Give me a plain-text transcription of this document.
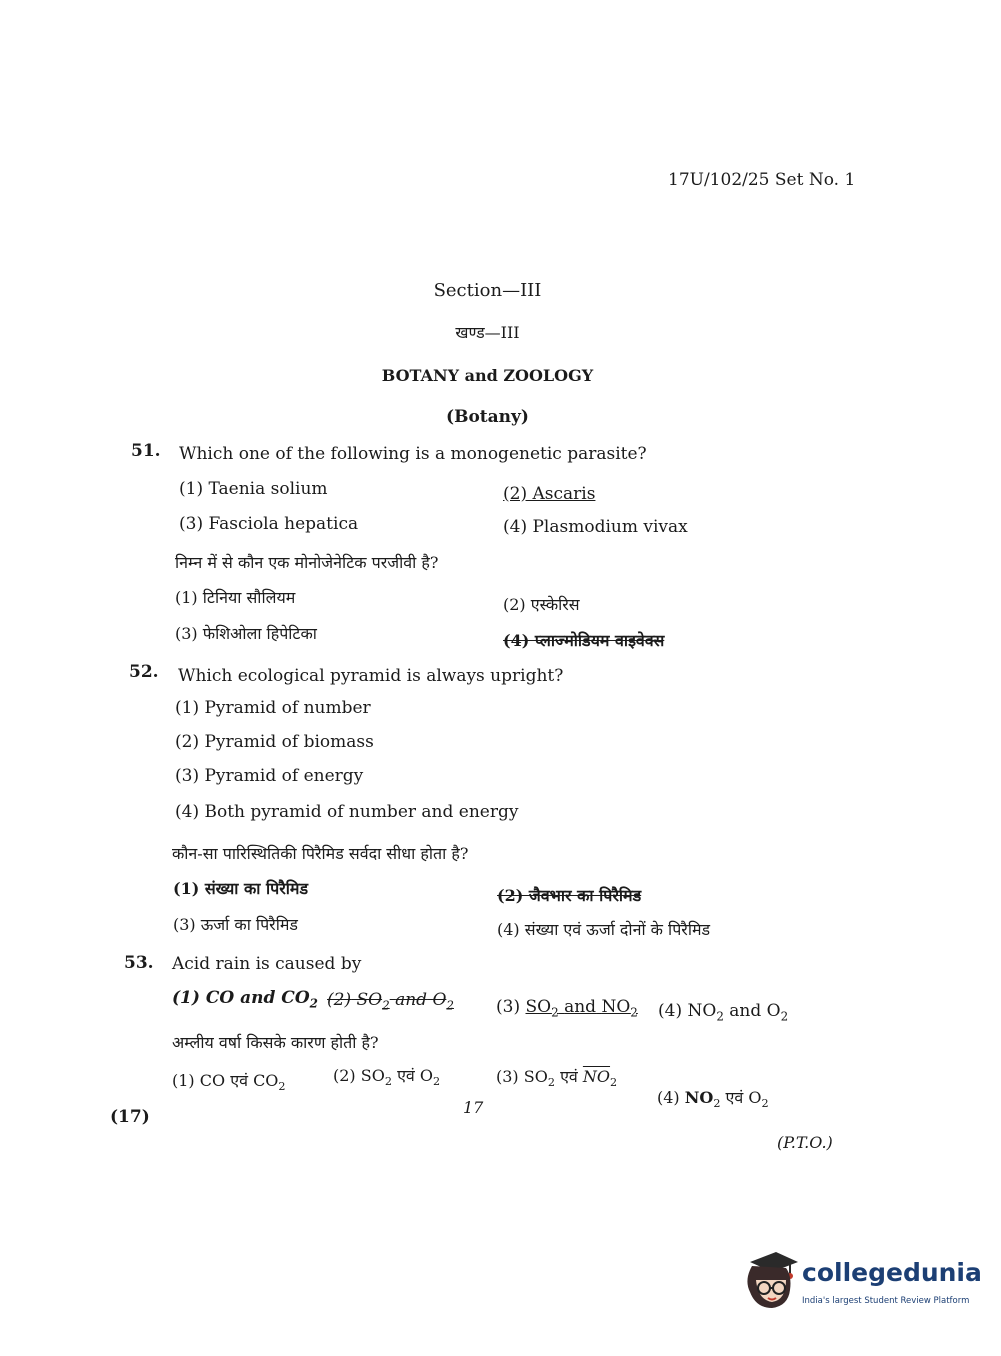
17U/102/25 Set No. 1
Section—III
खण्ड—III
BOTANY and ZOOLOGY
(Botany)
51. Which one of the following is a monogenetic parasite?
(1) Taenia solium	(2) Ascaris
(3) Fasciola hepatica	(4) Plasmodium vivax
निम्न में से कौन एक मोनोजेनेटिक परजीवी है?
(1) टिनिया सौलियम	(2) एस्केरिस
(3) फेशिओला हिपेटिका	(4) प्लाज्मोडियम वाइवेक्स
52. Which ecological pyramid is always upright?
(1) Pyramid of number
(2) Pyramid of biomass
(3) Pyramid of energy
(4) Both pyramid of number and energy
कौन-सा पारिस्थितिकी पिरैमिड सर्वदा सीधा होता है?
(1) संख्या का पिरैमिड	(2) जैवभार का पिरैमिड
(3) ऊर्जा का पिरैमिड	(4) संख्या एवं ऊर्जा दोनों के पिरैमिड
53. Acid rain is caused by
(1) CO and $CO_2$ (2) $SO_2$ and $O_2$ (3) $SO_2$ and $NO_2$ (4) $NO_2$ and $O_2$
अम्लीय वर्षा किसके कारण होती है?
(1) CO एवं $CO_2$
(2) $SO_2$ एवं $O_2$	(3) $SO_2$ एवं $\overline{NO}_2$
(4) $NO_2$ एवं $O_2$
(17)	17
(P.T.O.)
collegedunia
India's largest Student Review Platform
